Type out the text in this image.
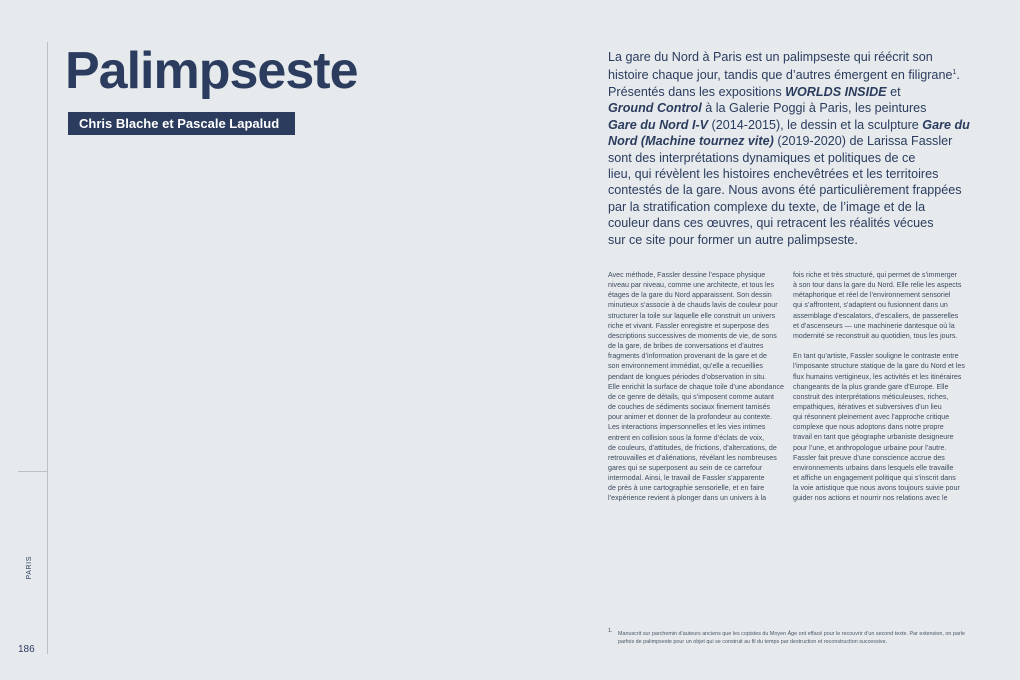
PARIS
186
Palimpseste
Chris Blache et Pascale Lapalud

La gare du Nord à Paris est un palimpseste qui réécrit son
histoire chaque jour, tandis que d’autres émergent en filigrane$^1$.
Présentés dans les expositions WORLDS INSIDE et
Ground Control à la Galerie Poggi à Paris, les peintures
Gare du Nord I-V (2014-2015), le dessin et la sculpture Gare du
Nord (Machine tournez vite) (2019-2020) de Larissa Fassler
sont des interprétations dynamiques et politiques de ce
lieu, qui révèlent les histoires enchevêtrées et les territoires
contestés de la gare. Nous avons été particulièrement frappées
par la stratification complexe du texte, de l’image et de la
couleur dans ces œuvres, qui retracent les réalités vécues
sur ce site pour former un autre palimpseste.

Avec méthode, Fassler dessine l’espace physique
niveau par niveau, comme une architecte, et tous les
étages de la gare du Nord apparaissent. Son dessin
minutieux s’associe à de chauds lavis de couleur pour
structurer la toile sur laquelle elle construit un univers
riche et vivant. Fassler enregistre et superpose des
descriptions successives de moments de vie, de sons
de la gare, de bribes de conversations et d’autres
fragments d’information provenant de la gare et de
son environnement immédiat, qu’elle a recueillies
pendant de longues périodes d’observation in situ.
Elle enrichit la surface de chaque toile d’une abondance
de ce genre de détails, qui s’imposent comme autant
de couches de sédiments sociaux finement tamisés
pour animer et donner de la profondeur au contexte.
Les interactions impersonnelles et les vies intimes
entrent en collision sous la forme d’éclats de voix,
de couleurs, d’attitudes, de frictions, d’altercations, de
retrouvailles et d’aliénations, révélant les nombreuses
gares qui se superposent au sein de ce carrefour
intermodal. Ainsi, le travail de Fassler s’apparente
de près à une cartographie sensorielle, et en faire
l’expérience revient à plonger dans un univers à la
fois riche et très structuré, qui permet de s’immerger
à son tour dans la gare du Nord. Elle relie les aspects
métaphorique et réel de l’environnement sensoriel
qui s’affrontent, s’adaptent ou fusionnent dans un
assemblage d’escalators, d’escaliers, de passerelles
et d’ascenseurs — une machinerie dantesque où la
modernité se reconstruit au quotidien, tous les jours.
En tant qu’artiste, Fassler souligne le contraste entre
l’imposante structure statique de la gare du Nord et les
flux humains vertigineux, les activités et les itinéraires
changeants de la plus grande gare d’Europe. Elle
construit des interprétations méticuleuses, riches,
empathiques, itératives et subversives d’un lieu
qui résonnent pleinement avec l’approche critique
complexe que nous adoptons dans notre propre
travail en tant que géographe urbaniste designeure
pour l’une, et anthropologue urbaine pour l’autre.
Fassler fait preuve d’une conscience accrue des
environnements urbains dans lesquels elle travaille
et affiche un engagement politique qui s’inscrit dans
la voie artistique que nous avons toujours suivie pour
guider nos actions et nourrir nos relations avec le
1. Manuscrit sur parchemin d’auteurs anciens que les copistes du Moyen Âge ont effacé pour le recouvrir d’un second texte. Par extension, on parle
parfois de palimpseste pour un objet qui se construit au fil du temps par destruction et reconstruction successive.
